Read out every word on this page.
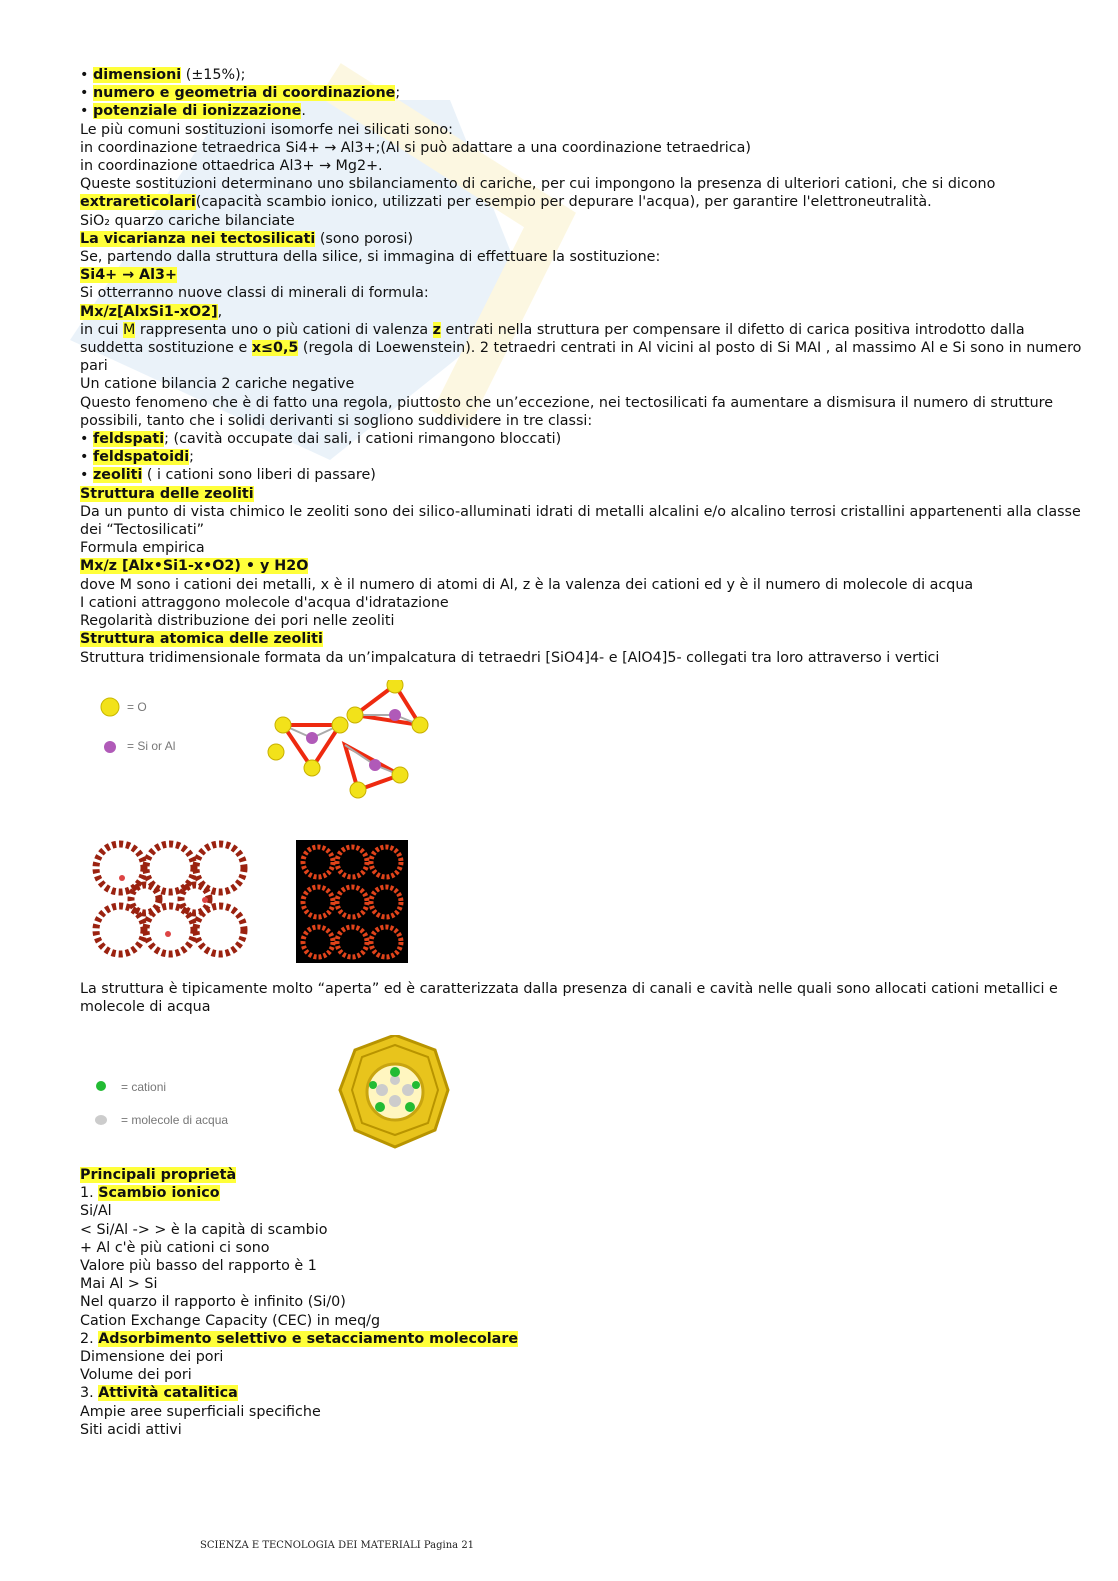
• dimensioni (±15%);
• numero e geometria di coordinazione;
• potenziale di ionizzazione.
Le più comuni sostituzioni isomorfe nei silicati sono:
in coordinazione tetraedrica Si4+ → Al3+;(Al si può adattare a una coordinazione tetraedrica)
in coordinazione ottaedrica Al3+ → Mg2+.
Queste sostituzioni determinano uno sbilanciamento di cariche, per cui impongono la presenza di ulteriori cationi, che si dicono
extrareticolari(capacità scambio ionico, utilizzati per esempio per depurare l'acqua), per garantire l'elettroneutralità.
SiO₂ quarzo cariche bilanciate
La vicarianza nei tectosilicati (sono porosi)
Se, partendo dalla struttura della silice, si immagina di effettuare la sostituzione:
Si4+ → Al3+
Si otterranno nuove classi di minerali di formula:
Mx/z[AlxSi1-xO2],
in cui M rappresenta uno o più cationi di valenza z entrati nella struttura per compensare il difetto di carica positiva introdotto dalla suddetta sostituzione e x≤0,5 (regola di Loewenstein). 2 tetraedri centrati in Al vicini al posto di Si MAI , al massimo Al e Si sono in numero pari
Un catione bilancia 2 cariche negative
Questo fenomeno che è di fatto una regola, piuttosto che un’eccezione, nei tectosilicati fa aumentare a dismisura il numero di strutture possibili, tanto che i solidi derivanti si sogliono suddividere in tre classi:
• feldspati; (cavità occupate dai sali, i cationi rimangono bloccati)
• feldspatoidi;
• zeoliti ( i cationi sono liberi di passare)
Struttura delle zeoliti
Da un punto di vista chimico le zeoliti sono dei silico-alluminati idrati di metalli alcalini e/o alcalino terrosi cristallini appartenenti alla classe dei “Tectosilicati”
Formula empirica
Mx/z [Alx•Si1-x•O2) • y H2O
dove M sono i cationi dei metalli, x è il numero di atomi di Al, z è la valenza dei cationi ed y è il numero di molecole di acqua
I cationi attraggono molecole d'acqua d'idratazione
Regolarità distribuzione dei pori nelle zeoliti
Struttura atomica delle zeoliti
Struttura tridimensionale formata da un’impalcatura di tetraedri [SiO4]4- e [AlO4]5- collegati tra loro attraverso i vertici
= O
= Si or Al
La struttura è tipicamente molto “aperta” ed è caratterizzata dalla presenza di canali e cavità nelle quali sono allocati cationi metallici e molecole di acqua
= cationi
= molecole di acqua
Principali proprietà
1. Scambio ionico
Si/Al
< Si/Al -> > è la capità di scambio
+ Al c'è più cationi ci sono
Valore più basso del rapporto è 1
Mai Al > Si
Nel quarzo il rapporto è infinito (Si/0)
Cation Exchange Capacity (CEC) in meq/g
2. Adsorbimento selettivo e setacciamento molecolare
Dimensione dei pori
Volume dei pori
3. Attività catalitica
Ampie aree superficiali specifiche
Siti acidi attivi
SCIENZA E TECNOLOGIA DEI MATERIALI Pagina 21
